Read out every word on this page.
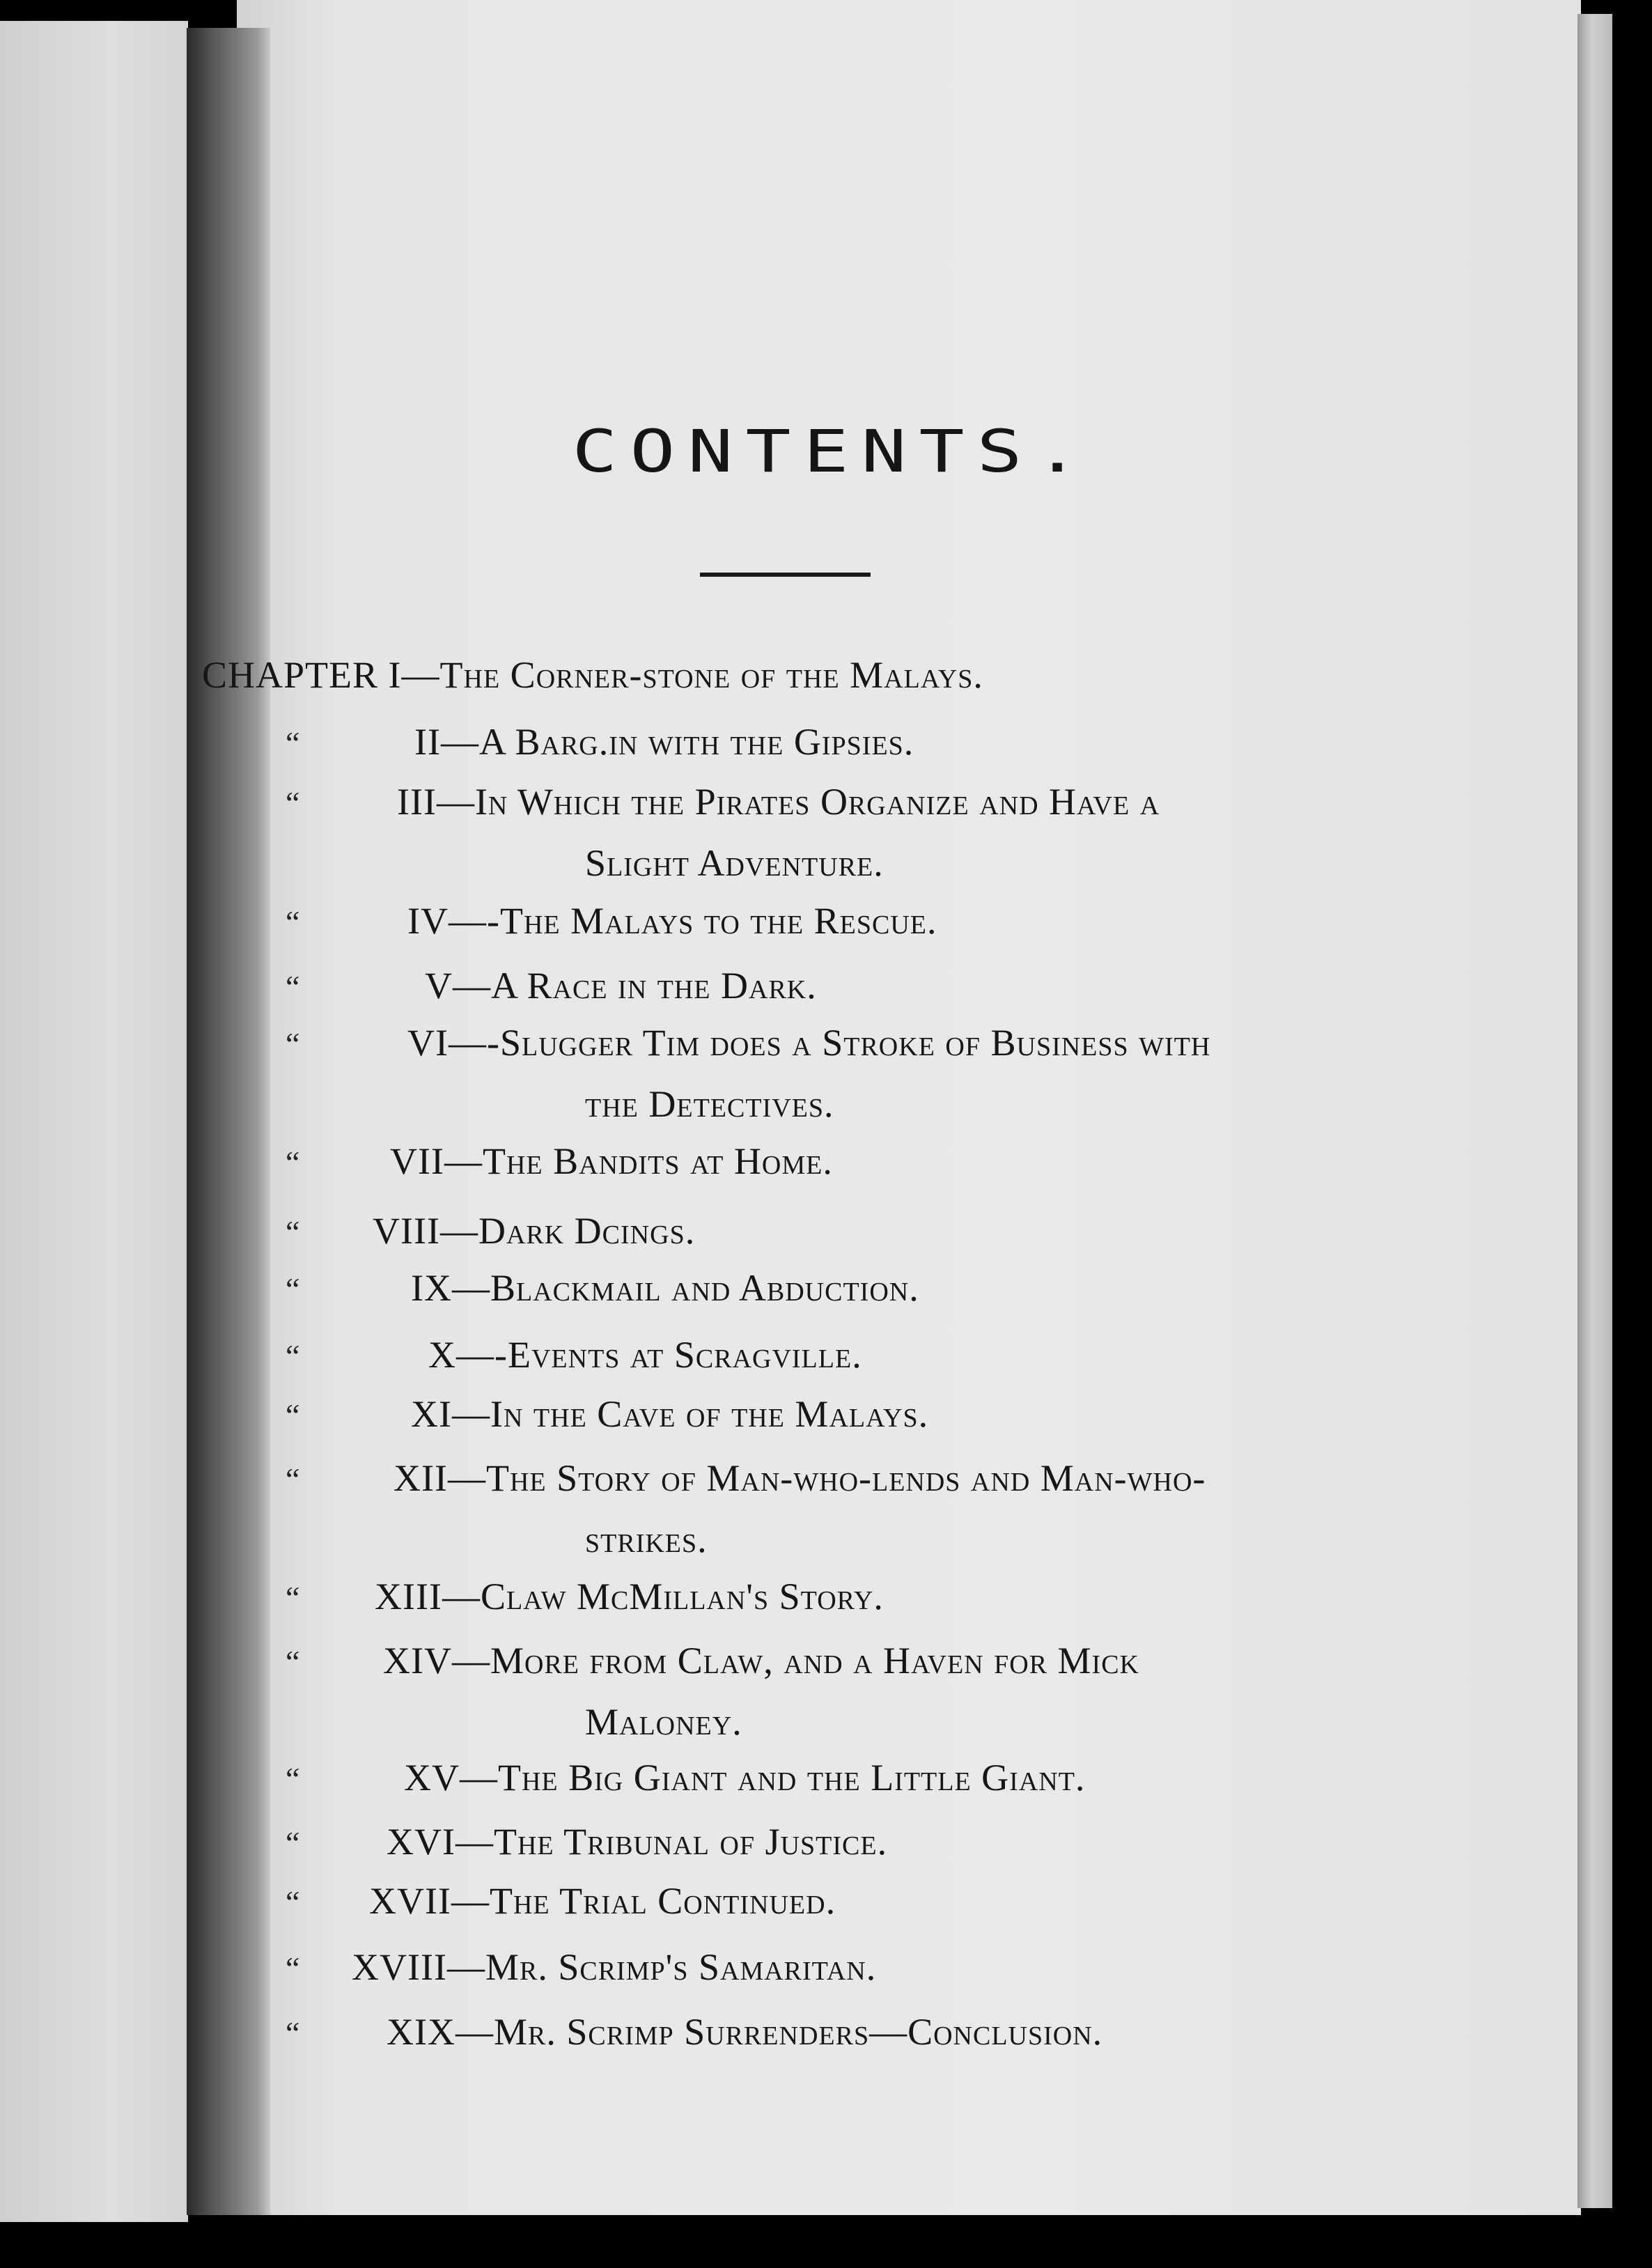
CONTENTS.
CHAPTER I—The Corner-stone of the Malays.
“	II—A Barg.in with the Gipsies.
“	III—In Which the Pirates Organize and Have a
Slight Adventure.
“	IV—-The Malays to the Rescue.
“	V—A Race in the Dark.
“	VI—-Slugger Tim does a Stroke of Business with
the Detectives.
“ VII—The Bandits at Home.
“ VIII—Dark Dcings.
“	IX—Blackmail and Abduction.
“	X—-Events at Scragville.
“	XI—In the Cave of the Malays.
“ XII—The Story of Man-who-lends and Man-who-
strikes.
“ XIII—Claw McMillan's Story.
“ XIV—More from Claw, and a Haven for Mick
Maloney.
“	XV—The Big Giant and the Little Giant.
“ XVI—The Tribunal of Justice.
“ XVII—The Trial Continued.
“ XVIII—Mr. Scrimp's Samaritan.
“ XIX—Mr. Scrimp Surrenders—Conclusion.
